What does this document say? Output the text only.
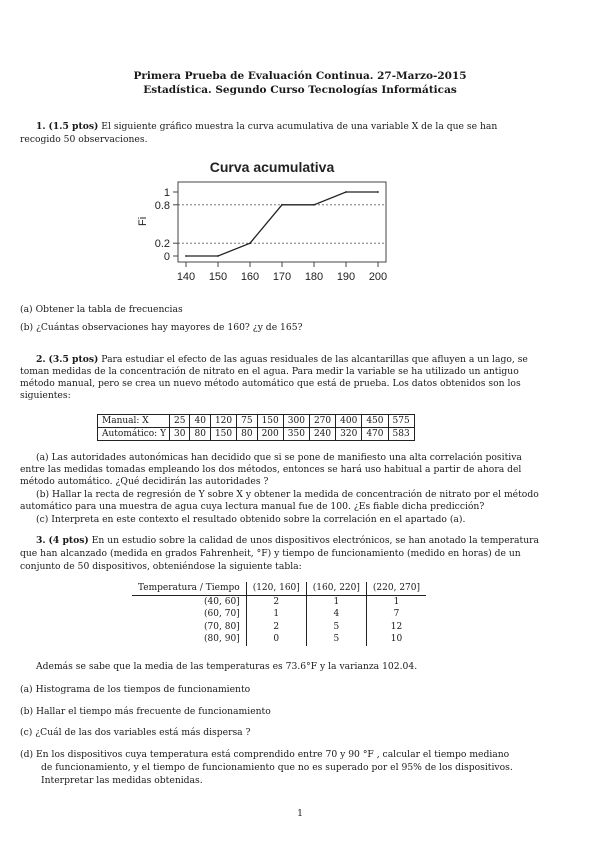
Primera Prueba de Evaluación Continua. 27-Marzo-2015
Estadística. Segundo Curso Tecnologías Informáticas
1. (1.5 ptos) El siguiente gráfico muestra la curva acumulativa de una variable X de la que se han
recogido 50 observaciones.
Curva acumulativa
Fi
0
0.2
0.8
1
140 150 160 170 180 190 200
(a) Obtener la tabla de frecuencias
(b) ¿Cuántas observaciones hay mayores de 160? ¿y de 165?
2. (3.5 ptos) Para estudiar el efecto de las aguas residuales de las alcantarillas que afluyen a un lago, se
toman medidas de la concentración de nitrato en el agua. Para medir la variable se ha utilizado un antiguo
método manual, pero se crea un nuevo método automático que está de prueba. Los datos obtenidos son los
siguientes:
Manual: X	25	40	120	75	150	300	270	400	450	575
Automático: Y	30	80	150	80	200	350	240	320	470	583
(a) Las autoridades autonómicas han decidido que si se pone de manifiesto una alta correlación positiva
entre las medidas tomadas empleando los dos métodos, entonces se hará uso habitual a partir de ahora del
método automático. ¿Qué decidirán las autoridades ?
(b) Hallar la recta de regresión de Y sobre X y obtener la medida de concentración de nitrato por el método
automático para una muestra de agua cuya lectura manual fue de 100. ¿Es fiable dicha predicción?
(c) Interpreta en este contexto el resultado obtenido sobre la correlación en el apartado (a).
3. (4 ptos) En un estudio sobre la calidad de unos dispositivos electrónicos, se han anotado la temperatura
que han alcanzado (medida en grados Fahrenheit, °F) y tiempo de funcionamiento (medido en horas) de un
conjunto de 50 dispositivos, obteniéndose la siguiente tabla:
Temperatura / Tiempo	(120, 160]	(160, 220]	(220, 270]
(40, 60]	2	1	1
(60, 70]	1	4	7
(70, 80]	2	5	12
(80, 90]	0	5	10
Además se sabe que la media de las temperaturas es 73.6°F y la varianza 102.04.
(a) Histograma de los tiempos de funcionamiento
(b) Hallar el tiempo más frecuente de funcionamiento
(c) ¿Cuál de las dos variables está más dispersa ?
(d) En los dispositivos cuya temperatura está comprendido entre 70 y 90 °F , calcular el tiempo mediano
de funcionamiento, y el tiempo de funcionamiento que no es superado por el 95% de los dispositivos.
Interpretar las medidas obtenidas.
1
